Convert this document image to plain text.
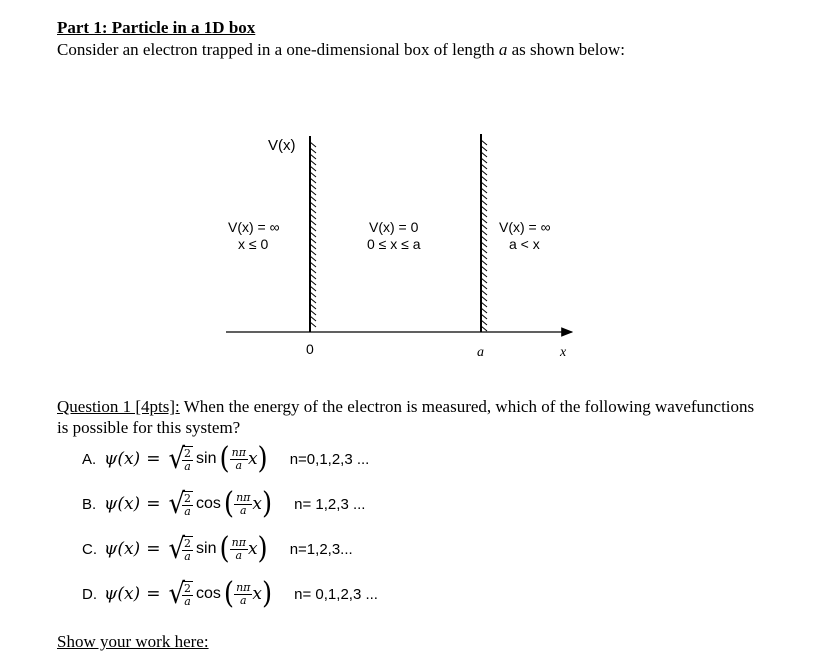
Part 1: Particle in a 1D box
Consider an electron trapped in a one-dimensional box of length a as shown below:
V(x)
V(x) = ∞
x ≤ 0
V(x) = 0
0 ≤ x ≤ a
V(x) = ∞
a < x
0	a	x
Question 1 [4pts]: When the energy of the electron is measured, which of the following wavefunctions is possible for this system?
A. ψ(x) = √
$\frac{2}{a}$ sin ( $\frac{n\pi}{a}$ x ) n=0,1,2,3 ...
B. ψ(x) = √
$\frac{2}{a}$ cos ( $\frac{n\pi}{a}$ x ) n= 1,2,3 ...
C. ψ(x) = √
$\frac{2}{a}$ sin ( $\frac{n\pi}{a}$ x ) n=1,2,3...
D. ψ(x) = √
$\frac{2}{a}$ cos ( $\frac{n\pi}{a}$ x ) n= 0,1,2,3 ...
Show your work here:
